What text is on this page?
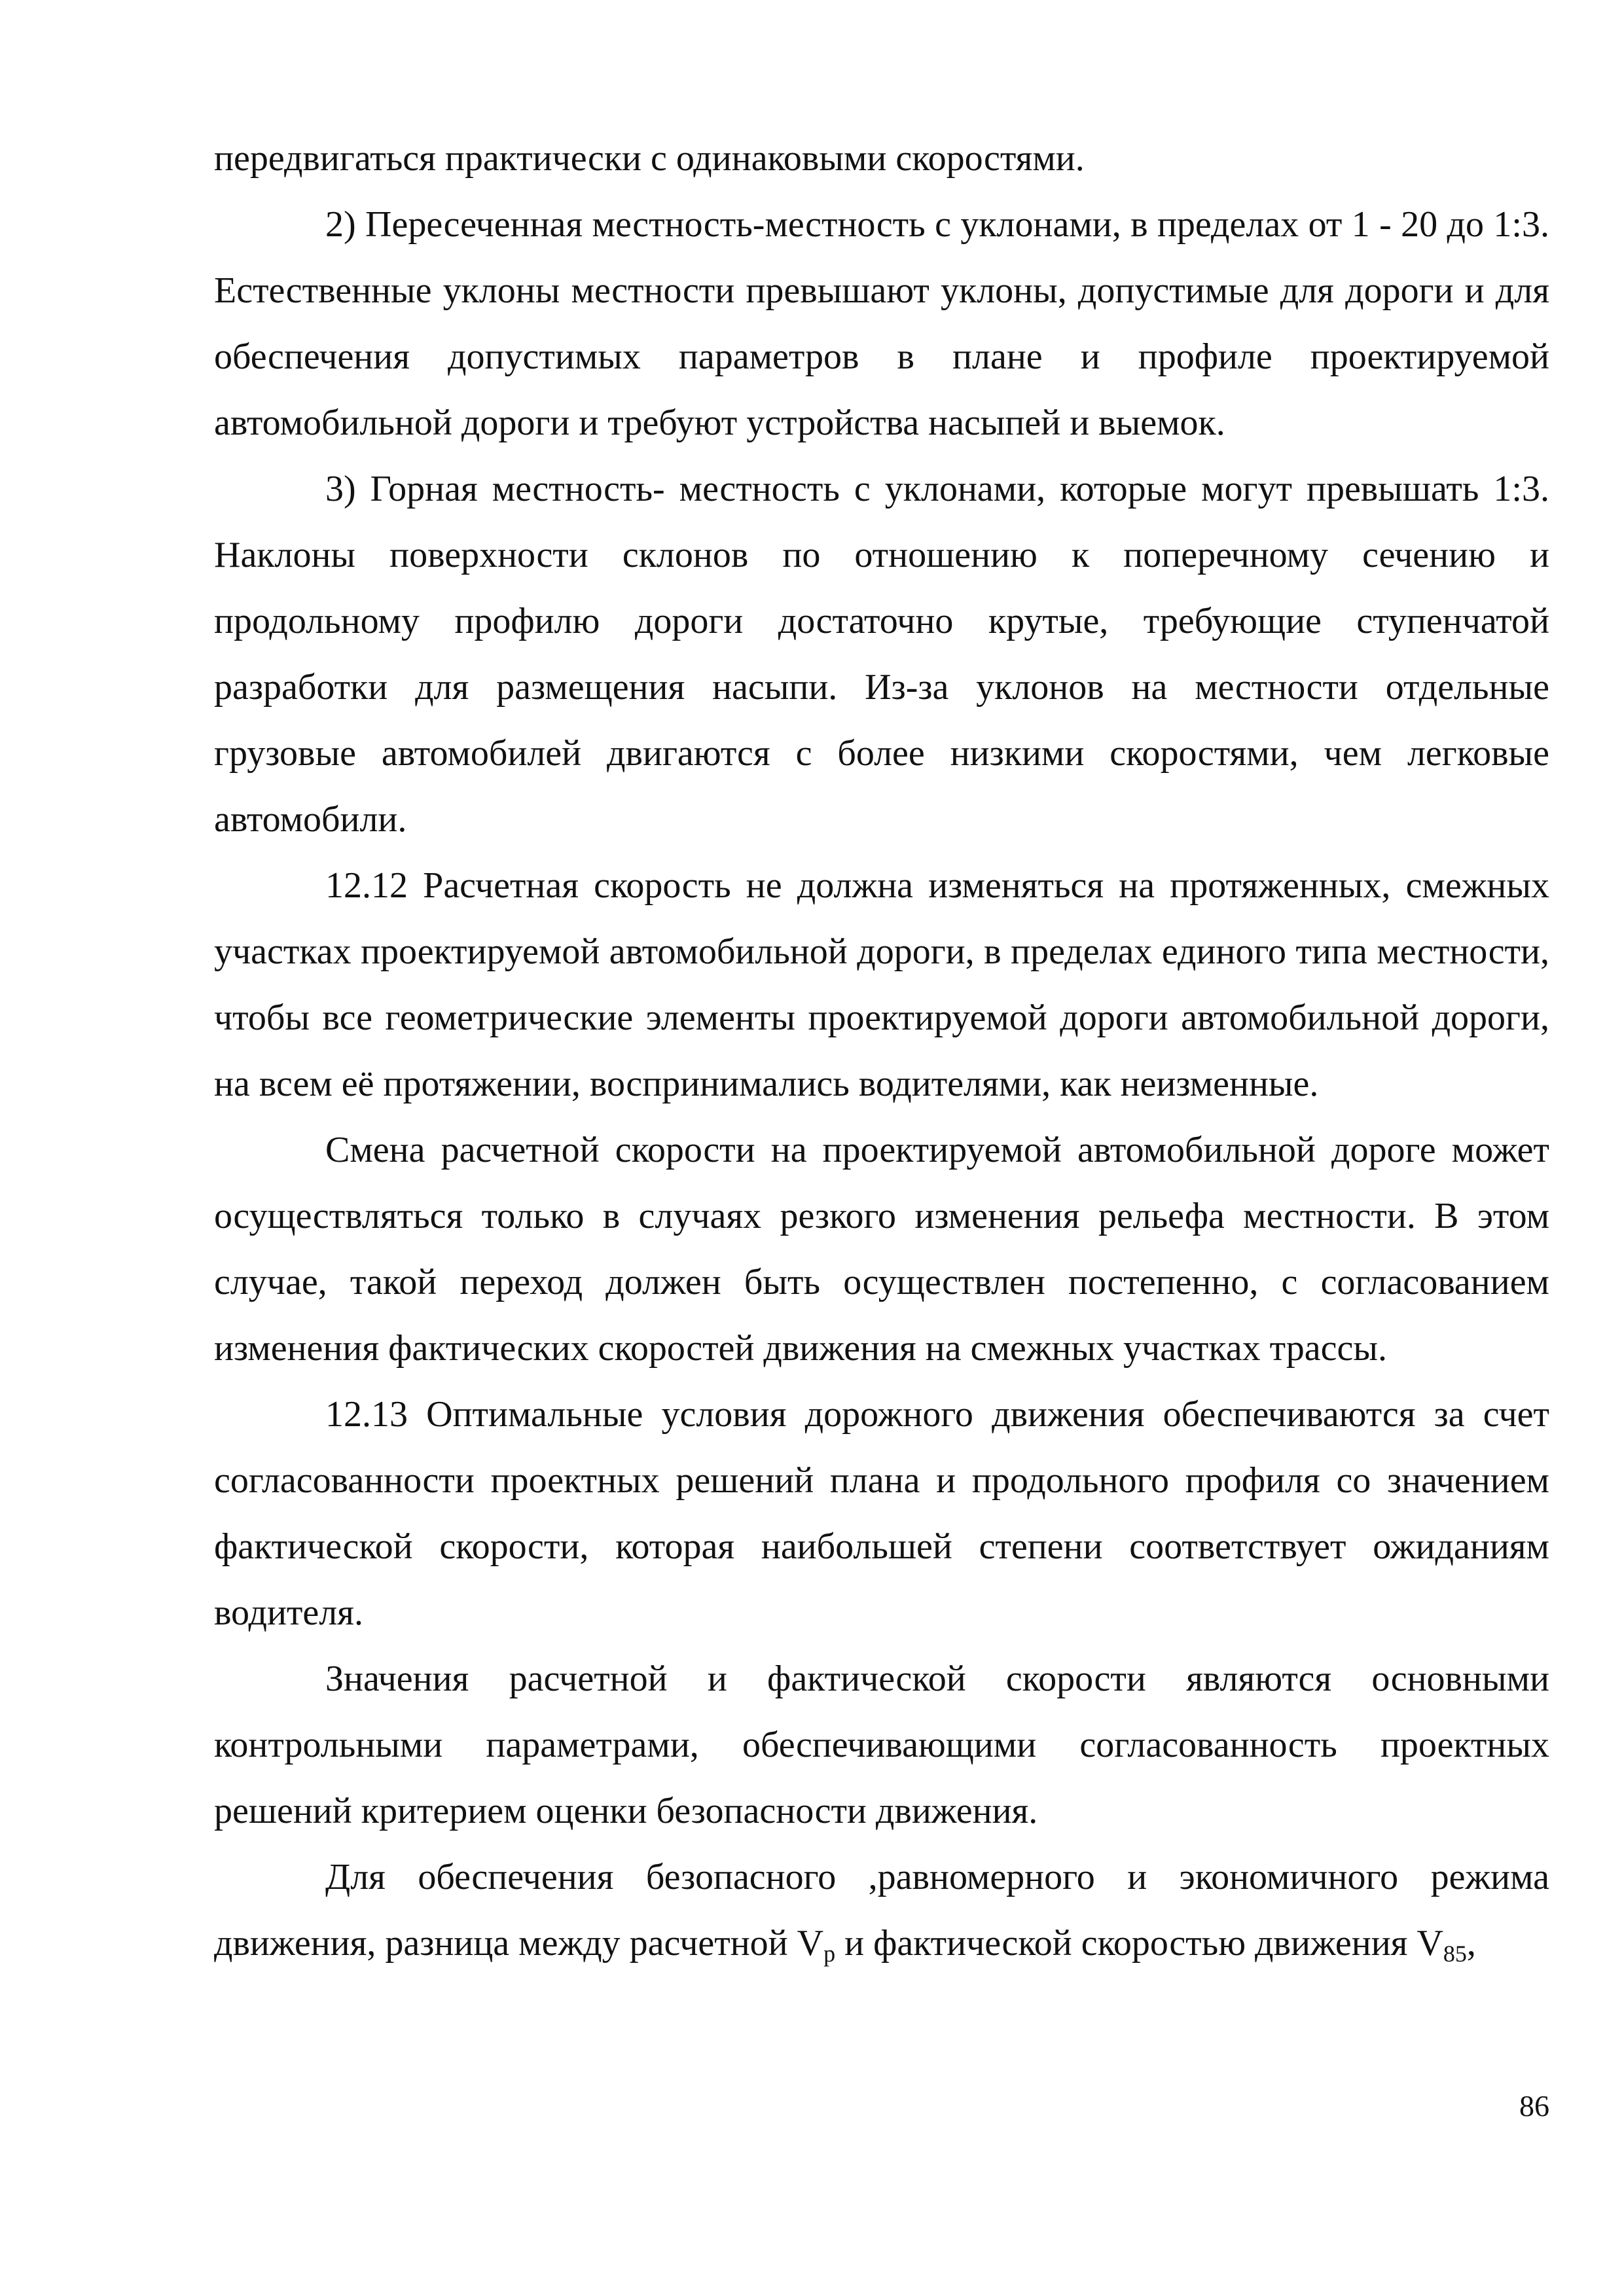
передвигаться практически с одинаковыми скоростями.

2) Пересеченная местность-местность с уклонами, в пределах от 1 - 20 до 1:3. Естественные уклоны местности превышают уклоны, допустимые для дороги и для обеспечения допустимых параметров в плане и профиле проектируемой автомобильной дороги и требуют устройства насыпей и выемок.

3) Горная местность- местность с уклонами, которые могут превышать 1:3. Наклоны поверхности склонов по отношению к поперечному сечению и продольному профилю дороги достаточно крутые, требующие ступенчатой разработки для размещения насыпи. Из-за уклонов на местности отдельные грузовые автомобилей двигаются с более низкими скоростями, чем легковые автомобили.

12.12 Расчетная скорость не должна изменяться на протяженных, смежных участках проектируемой автомобильной дороги, в пределах единого типа местности, чтобы все геометрические элементы проектируемой дороги автомобильной дороги, на всем её протяжении, воспринимались водителями, как неизменные.

Смена расчетной скорости на проектируемой автомобильной дороге может осуществляться только в случаях резкого изменения рельефа местности. В этом случае, такой переход должен быть осуществлен постепенно, с согласованием изменения фактических скоростей движения на смежных участках трассы.

12.13 Оптимальные условия дорожного движения обеспечиваются за счет согласованности проектных решений плана и продольного профиля со значением фактической скорости, которая наибольшей степени соответствует ожиданиям водителя.

Значения расчетной и фактической скорости являются основными контрольными параметрами, обеспечивающими согласованность проектных решений критерием оценки безопасности движения.

Для обеспечения безопасного ,равномерного и экономичного режима движения, разница между расчетной $V_p$ и фактической скоростью движения $V_{85}$,

86
